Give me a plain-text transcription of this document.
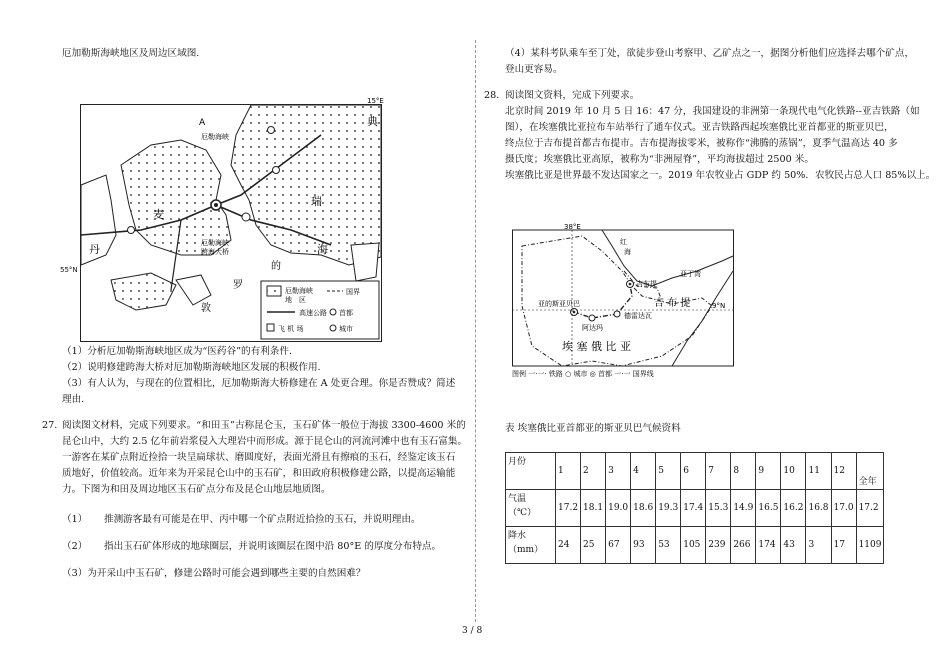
厄加勒斯海峡地区及周边区域图.
15°E
A
厄勒海峡
厄勒海峡
跨海大桥
典
瑞
麦
丹	海
的
罗
敦
厄勒海峡
地　区
国界
高速公路 首都
飞 机 场	城市
55°N
（1）分析厄加勒斯海峡地区成为“医药谷”的有利条件.
（2）说明修建跨海大桥对厄加勒斯海峡地区发展的积极作用.
（3）有人认为，与现在的位置相比，厄加勒斯海大桥修建在 A 处更合理。你是否赞成？简述
理由.
27. 阅读图文材料，完成下列要求。“和田玉”古称昆仑玉，玉石矿体一般位于海拔 3300-4600 米的
昆仑山中，大约 2.5 亿年前岩浆侵入大理岩中而形成。源于昆仑山的河流河滩中也有玉石富集。
一游客在某矿点附近捡拾一块呈扁球状、磨圆度好，表面光滑且有擦痕的玉石，经鉴定该玉石
质地好，价值较高。近年来为开采昆仑山中的玉石矿，和田政府积极修建公路，以提高运输能
力。下图为和田及周边地区玉石矿点分布及昆仑山地层地质图。
（1） 推测游客最有可能是在甲、丙中哪一个矿点附近拾捡的玉石，并说明理由。
（2） 指出玉石矿体形成的地球圈层，并说明该圈层在图中沿 80°E 的厚度分布特点。
（3）为开采山中玉石矿，修建公路时可能会遇到哪些主要的自然困难？
（4）某科考队乘车至丁处，欲徒步登山考察甲、乙矿点之一，据图分析他们应选择去哪个矿点，
登山更容易。
28. 阅读图文资料，完成下列要求。
北京时间 2019 年 10 月 5 日 16：47 分，我国建设的非洲第一条现代电气化铁路--亚吉铁路（如
图），在埃塞俄比亚拉布车站举行了通车仪式。亚吉铁路西起埃塞俄比亚首都亚的斯亚贝巴，
终点位于吉布提首都吉布提市。吉布提海拔零米，被称作“沸腾的蒸锅”，夏季气温高达 40 多
摄氏度；埃塞俄比亚高原，被称为“非洲屋脊”，平均海拔超过 2500 米。
埃塞俄比亚是世界最不发达国家之一。2019 年农牧业占 GDP 约 50%．农牧民占总人口 85%以上。
38°E
9°N
红
海
亚丁湾
吉布提
吉 布 提
亚的斯亚贝巴
德雷达瓦
阿达玛
埃 塞 俄 比 亚
图例 一·一· 铁路 ○ 城市 ◎ 首都 一·一 国界线
表 埃塞俄比亚首都亚的斯亚贝巴气候资料
月份	1	2	3	4	5	6	7	8	9	10	11	12	全年
气温
（℃）	17.2	18.1	19.0	18.6	19.3	17.4	15.3	14.9	16.5	16.2	16.8	17.0	17.2
降水
（mm）	24	25	67	93	53	105	239	266	174	43	3	17	1109
3 / 8
